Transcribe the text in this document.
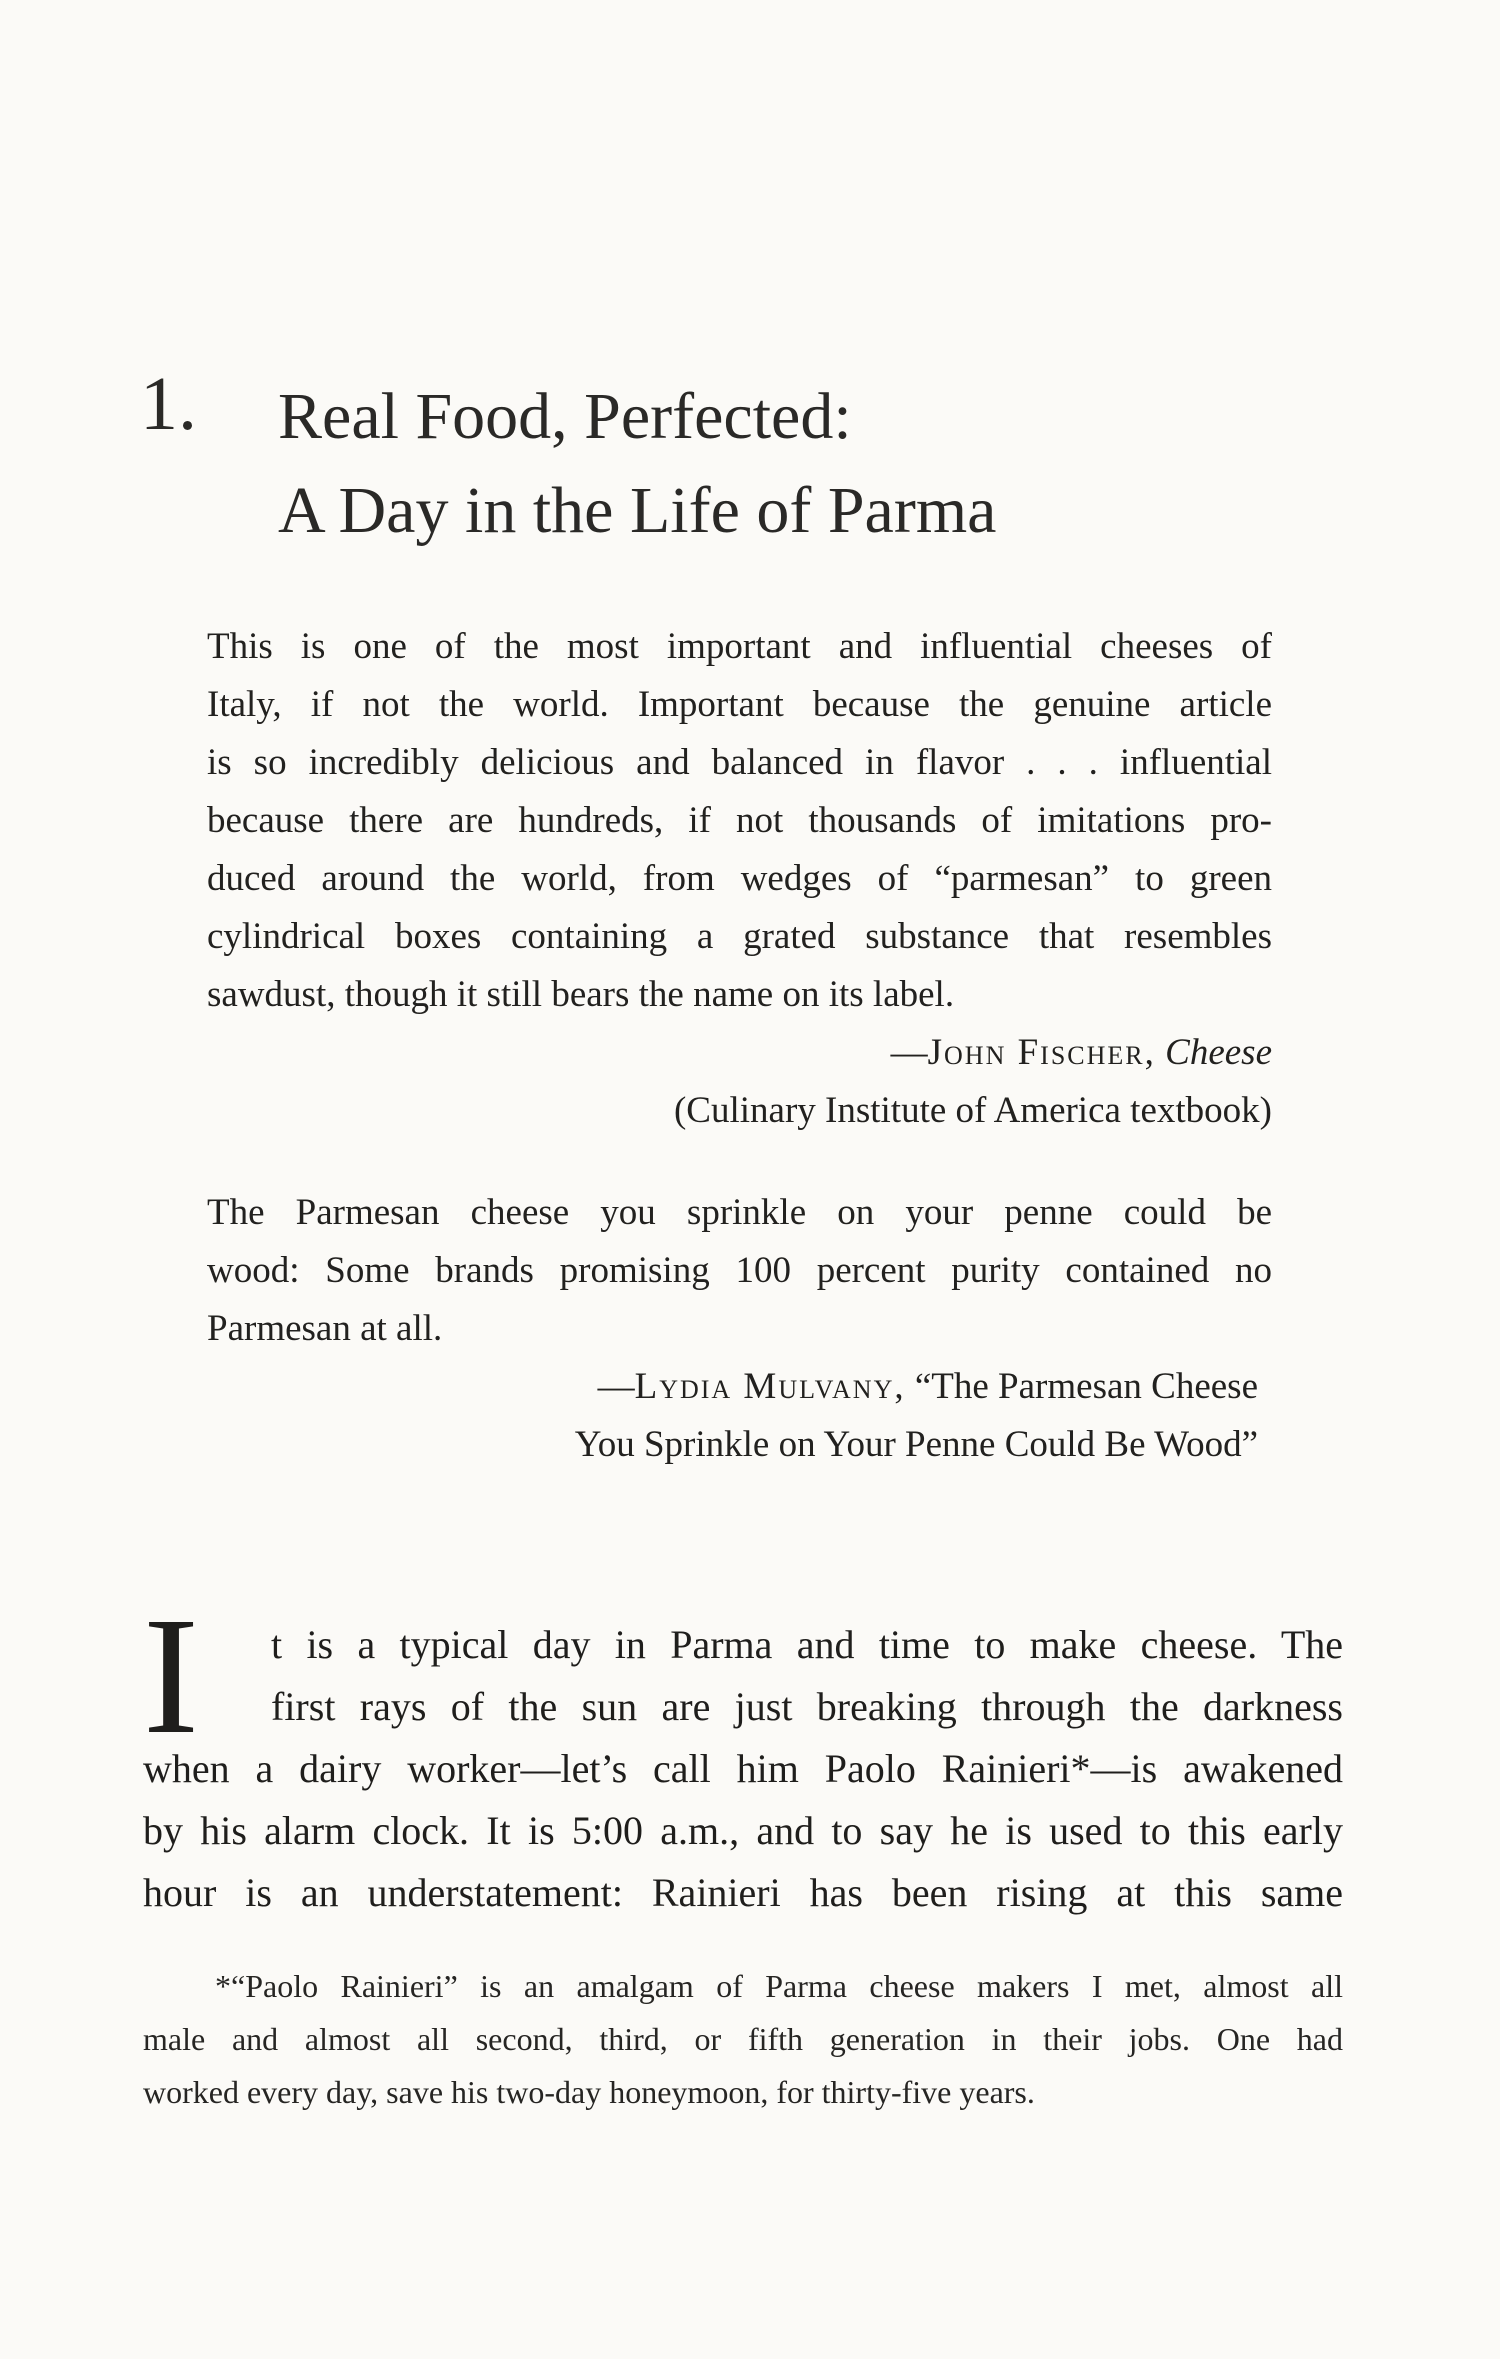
1. Real Food, Perfected:
A Day in the Life of Parma

This is one of the most important and influential cheeses of
Italy, if not the world. Important because the genuine article
is so incredibly delicious and balanced in flavor . . . influential
because there are hundreds, if not thousands of imitations pro-
duced around the world, from wedges of “parmesan” to green
cylindrical boxes containing a grated substance that resembles
sawdust, though it still bears the name on its label.

—John Fischer, Cheese
(Culinary Institute of America textbook)

The Parmesan cheese you sprinkle on your penne could be
wood: Some brands promising 100 percent purity contained no
Parmesan at all.

—Lydia Mulvany, “The Parmesan Cheese
You Sprinkle on Your Penne Could Be Wood”
I	t is a typical day in Parma and time to make cheese. The
first rays of the sun are just breaking through the darkness
when a dairy worker—let’s call him Paolo Rainieri*—is awakened
by his alarm clock. It is 5:00 a.m., and to say he is used to this early
hour is an understatement: Rainieri has been rising at this same
*“Paolo Rainieri” is an amalgam of Parma cheese makers I met, almost all
male and almost all second, third, or fifth generation in their jobs. One had
worked every day, save his two-day honeymoon, for thirty-five years.
